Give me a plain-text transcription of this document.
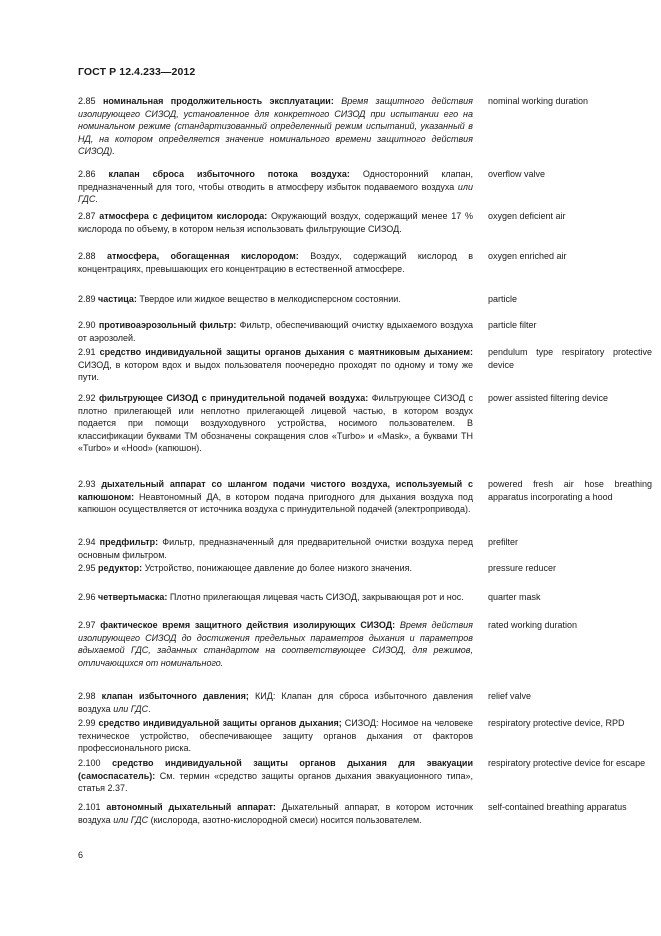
ГОСТ Р 12.4.233—2012
2.85 номинальная продолжительность эксплуатации: Время защитного действия изолирующего СИЗОД, установленное для конкретного СИЗОД при испытании его на номинальном режиме (стандартизованный определенный режим испытаний, указанный в НД, на котором определяется значение номинального времени защитного действия СИЗОД).
nominal working duration
2.86 клапан сброса избыточного потока воздуха: Односторонний клапан, предназначенный для того, чтобы отводить в атмосферу избыток подаваемого воздуха или ГДС.
overflow valve
2.87 атмосфера с дефицитом кислорода: Окружающий воздух, содержащий менее 17 % кислорода по объему, в котором нельзя использовать фильтрующие СИЗОД.
oxygen deficient air
2.88 атмосфера, обогащенная кислородом: Воздух, содержащий кислород в концентрациях, превышающих его концентрацию в естественной атмосфере.
oxygen enriched air
2.89 частица: Твердое или жидкое вещество в мелкодисперсном состоянии.	particle
2.90 противоаэрозольный фильтр: Фильтр, обеспечивающий очистку вдыхаемого воздуха от аэрозолей.
particle filter
2.91 средство индивидуальной защиты органов дыхания с маятниковым дыханием: СИЗОД, в котором вдох и выдох пользователя поочередно проходят по одному и тому же пути.
pendulum type respiratory protective device
2.92 фильтрующее СИЗОД с принудительной подачей воздуха: Фильтрующее СИЗОД с плотно прилегающей или неплотно прилегающей лицевой частью, в котором воздух подается при помощи воздуходувного устройства, носимого пользователем. В классификации буквами ТМ обозначены сокращения слов «Turbo» и «Mask», а буквами ТН «Turbo» и «Hood» (капюшон).
power assisted filtering device
2.93 дыхательный аппарат со шлангом подачи чистого воздуха, используемый с капюшоном: Неавтономный ДА, в котором подача пригодного для дыхания воздуха под капюшон осуществляется от источника воздуха с принудительной подачей (электропривода).
powered fresh air hose breathing apparatus incorporating a hood
2.94 предфильтр: Фильтр, предназначенный для предварительной очистки воздуха перед основным фильтром.
prefilter
2.95 редуктор: Устройство, понижающее давление до более низкого значения.	pressure reducer
2.96 четвертьмаска: Плотно прилегающая лицевая часть СИЗОД, закрывающая рот и нос.	quarter mask
2.97 фактическое время защитного действия изолирующих СИЗОД: Время действия изолирующего СИЗОД до достижения предельных параметров дыхания и параметров вдыхаемой ГДС, заданных стандартом на соответствующее СИЗОД, для режимов, отличающихся от номинального.
rated working duration
2.98 клапан избыточного давления; КИД: Клапан для сброса избыточного давления воздуха или ГДС.
relief valve
2.99 средство индивидуальной защиты органов дыхания; СИЗОД: Носимое на человеке техническое устройство, обеспечивающее защиту органов дыхания от факторов профессионального риска.
respiratory protective device, RPD
2.100 средство индивидуальной защиты органов дыхания для эвакуации (самоспасатель): См. термин «средство защиты органов дыхания эвакуационного типа», статья 2.37.
respiratory protective device for escape
2.101 автономный дыхательный аппарат: Дыхательный аппарат, в котором источник воздуха или ГДС (кислорода, азотно-кислородной смеси) носится пользователем.
self-contained breathing apparatus
6
